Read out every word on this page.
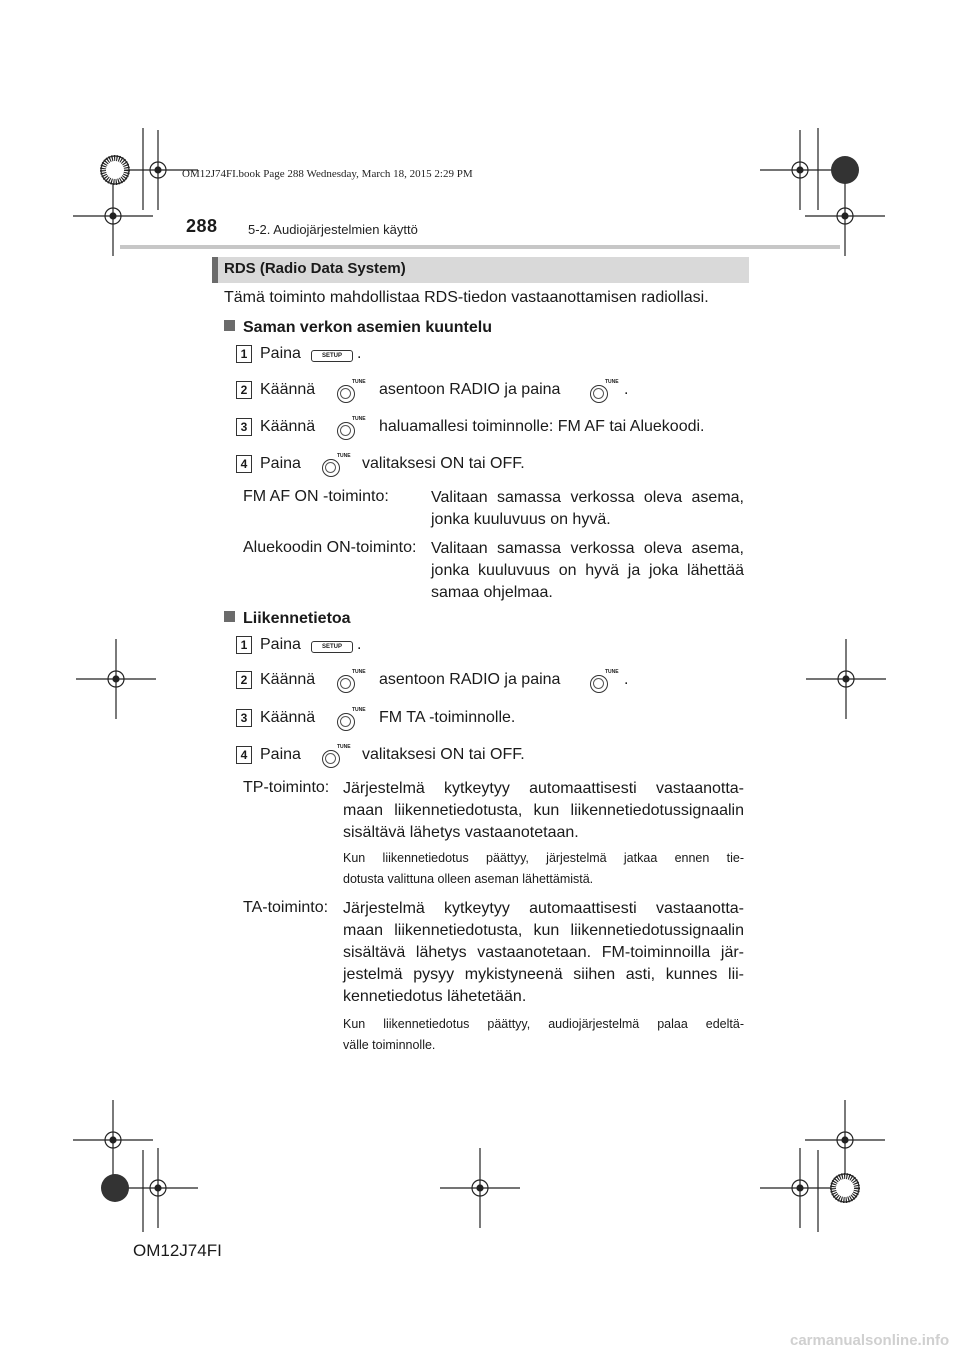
OM12J74FI.book Page 288 Wednesday, March 18, 2015 2:29 PM
288 5-2. Audiojärjestelmien käyttö
RDS (Radio Data System)
Tämä toiminto mahdollistaa RDS-tiedon vastaanottamisen radiollasi.
Saman verkon asemien kuuntelu
1 Paina	SETUP .
2 Käännä	TUNE asentoon RADIO ja paina	TUNE .
3 Käännä	TUNE haluamallesi toiminnolle: FM AF tai Aluekoodi.
4 Paina	TUNE valitaksesi ON tai OFF.
FM AF ON -toiminto:	Valitaan samassa verkossa oleva asema,
jonka kuuluvuus on hyvä.
Aluekoodin ON-toiminto: Valitaan samassa verkossa oleva asema,
jonka kuuluvuus on hyvä ja joka lähettää
samaa ohjelmaa.
Liikennetietoa
1 Paina	SETUP .
2 Käännä	TUNE asentoon RADIO ja paina	TUNE .
3 Käännä	TUNE FM TA -toiminnolle.
4 Paina	TUNE valitaksesi ON tai OFF.
TP-toiminto: Järjestelmä kytkeytyy automaattisesti vastaanotta-
maan liikennetiedotusta, kun liikennetiedotussignaalin
sisältävä lähetys vastaanotetaan.
Kun liikennetiedotus päättyy, järjestelmä jatkaa ennen tie-
dotusta valittuna olleen aseman lähettämistä.
TA-toiminto: Järjestelmä kytkeytyy automaattisesti vastaanotta-
maan liikennetiedotusta, kun liikennetiedotussignaalin
sisältävä lähetys vastaanotetaan. FM-toiminnoilla jär-
jestelmä pysyy mykistyneenä siihen asti, kunnes lii-
kennetiedotus lähetetään.
Kun liikennetiedotus päättyy, audiojärjestelmä palaa edeltä-
välle toiminnolle.
OM12J74FI
carmanualsonline.info
